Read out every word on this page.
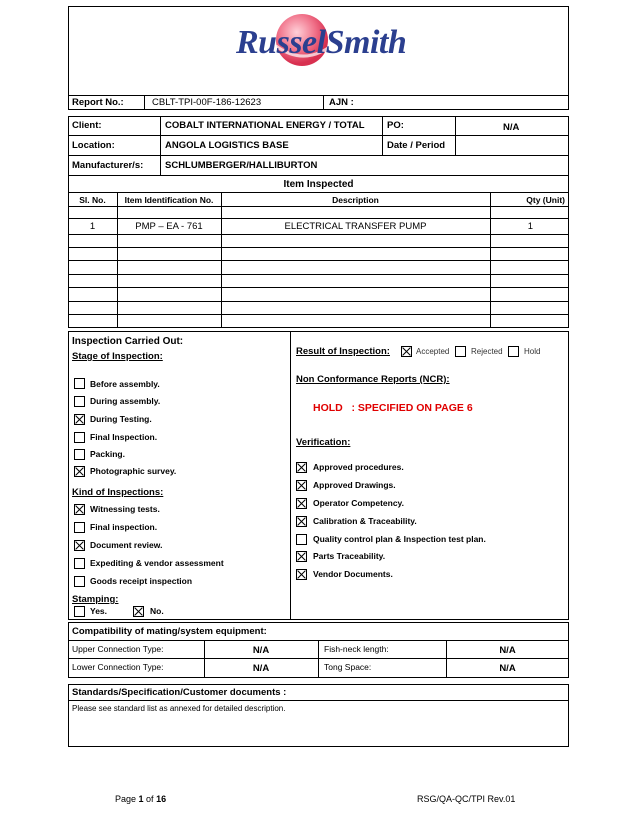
RusselSmith
Report No.:	CBLT-TPI-00F-186-12623	AJN :
Client:	COBALT INTERNATIONAL ENERGY / TOTAL PO:	N/A
Location:	ANGOLA LOGISTICS BASE	Date / Period
Manufacturer/s: SCHLUMBERGER/HALLIBURTON
Item Inspected
Sl. No.	Item Identification No.	Description	Qty (Unit)
1	PMP – EA - 761	ELECTRICAL TRANSFER PUMP	1
Inspection Carried Out:
Stage of Inspection:
Before assembly.
During assembly.
During Testing.
Final Inspection.
Packing.
Photographic survey.
Kind of Inspections:
Witnessing tests.
Final inspection.
Document review.
Expediting & vendor assessment
Goods receipt inspection
Stamping:
Yes.	No.
Result of Inspection:	Accepted	Rejected	Hold
Non Conformance Reports (NCR):
HOLD   : SPECIFIED ON PAGE 6
Verification:
Approved procedures.
Approved Drawings.
Operator Competency.
Calibration & Traceability.
Quality control plan & Inspection test plan.
Parts Traceability.
Vendor Documents.
Compatibility of mating/system equipment:
Upper Connection Type:	N/A	Fish-neck length:	N/A
Lower Connection Type:	N/A	Tong Space:	N/A
Standards/Specification/Customer documents :
Please see standard list as annexed for detailed description.
Page 1 of 16	RSG/QA-QC/TPI Rev.01
